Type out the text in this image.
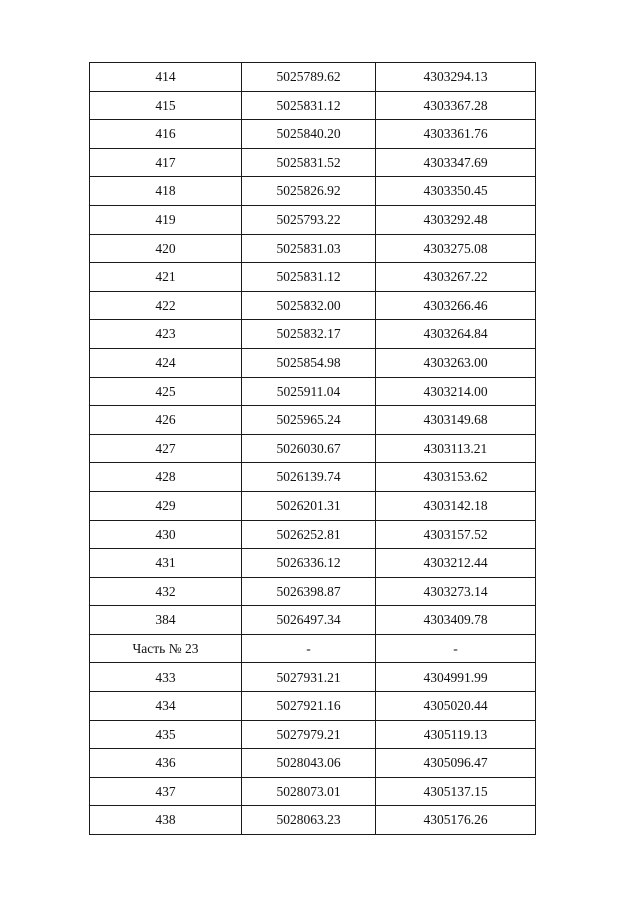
414	5025789.62	4303294.13
415	5025831.12	4303367.28
416	5025840.20	4303361.76
417	5025831.52	4303347.69
418	5025826.92	4303350.45
419	5025793.22	4303292.48
420	5025831.03	4303275.08
421	5025831.12	4303267.22
422	5025832.00	4303266.46
423	5025832.17	4303264.84
424	5025854.98	4303263.00
425	5025911.04	4303214.00
426	5025965.24	4303149.68
427	5026030.67	4303113.21
428	5026139.74	4303153.62
429	5026201.31	4303142.18
430	5026252.81	4303157.52
431	5026336.12	4303212.44
432	5026398.87	4303273.14
384	5026497.34	4303409.78
Часть № 23	-	-
433	5027931.21	4304991.99
434	5027921.16	4305020.44
435	5027979.21	4305119.13
436	5028043.06	4305096.47
437	5028073.01	4305137.15
438	5028063.23	4305176.26
